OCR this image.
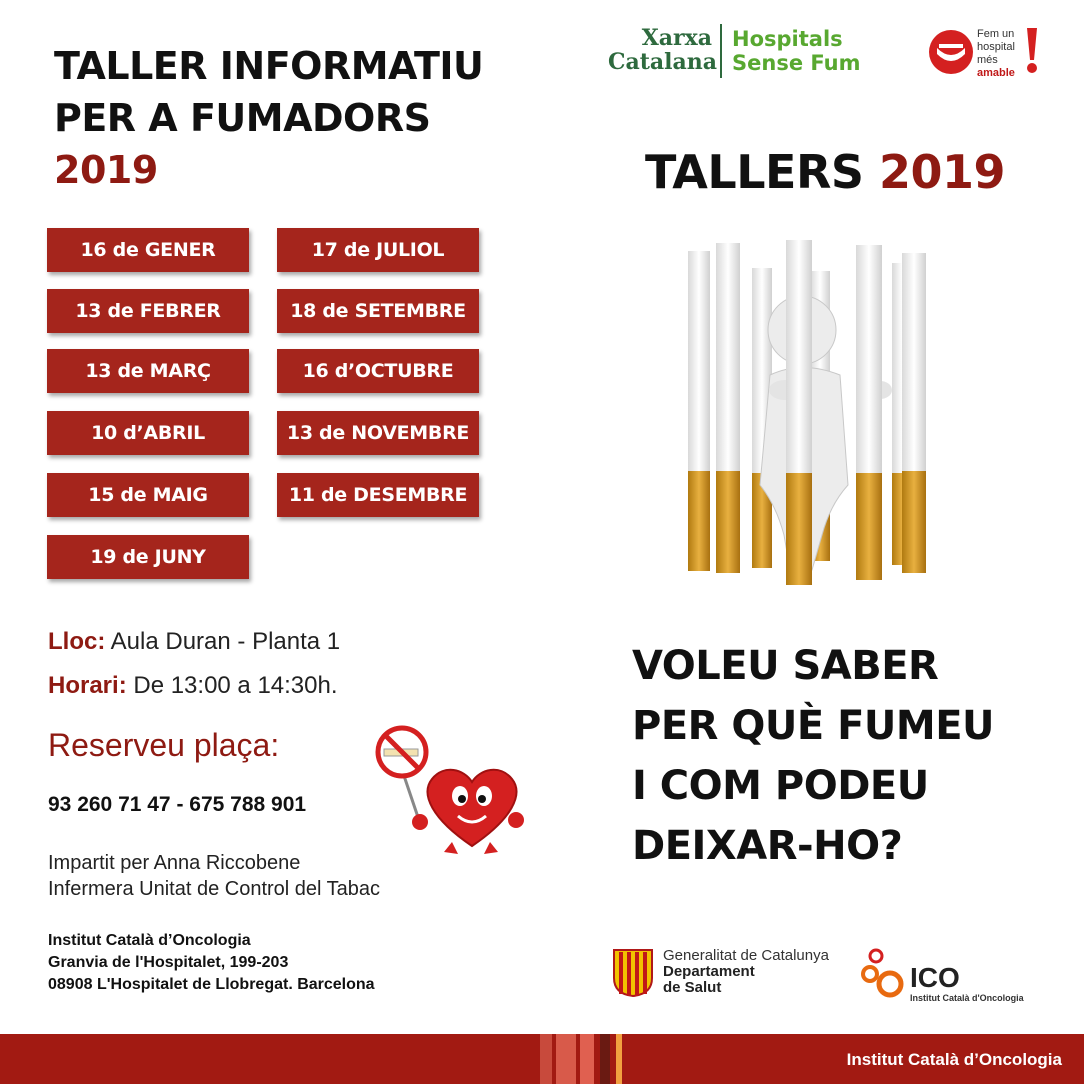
TALLER INFORMATIU
PER A FUMADORS
2019
Xarxa
Catalana
Hospitals
Sense Fum
Fem un
hospital
més
amable
16 de GENER
13 de FEBRER
13 de MARÇ
10 d’ABRIL
15 de MAIG
19 de JUNY
17 de JULIOL
18 de SETEMBRE
16 d’OCTUBRE
13 de NOVEMBRE
11 de DESEMBRE
Lloc: Aula Duran - Planta 1
Horari: De 13:00 a 14:30h.
Reserveu plaça:
93 260 71 47 - 675 788 901
Impartit per Anna Riccobene
Infermera Unitat de Control del Tabac
Institut Català d’Oncologia
Granvia de l'Hospitalet, 199-203
08908 L'Hospitalet de Llobregat. Barcelona
TALLERS 2019
VOLEU SABER
PER QUÈ FUMEU
I COM PODEU
DEIXAR-HO?
Generalitat de Catalunya
Departament
de Salut	ICO
Institut Català d'Oncologia
Institut Català d’Oncologia
